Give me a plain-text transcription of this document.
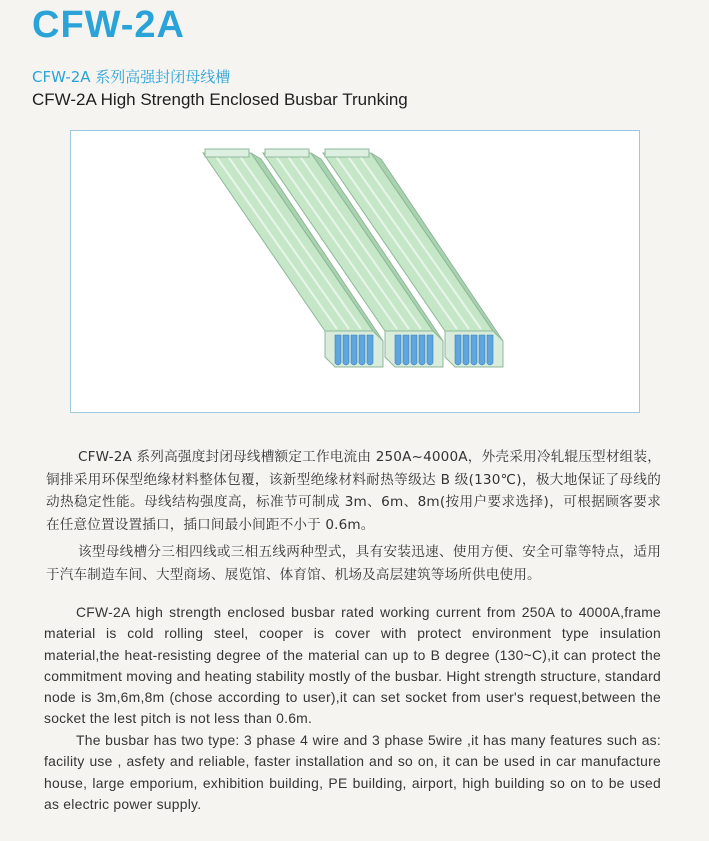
CFW-2A
CFW-2A 系列高强封闭母线槽
CFW-2A High Strength Enclosed Busbar Trunking

CFW-2A 系列高强度封闭母线槽额定工作电流由 250A~4000A，外壳采用冷轧辊压型材组装，铜排采用环保型绝缘材料整体包覆，该新型绝缘材料耐热等级达 B 级(130℃)，极大地保证了母线的动热稳定性能。母线结构强度高，标准节可制成 3m、6m、8m(按用户要求选择)，可根据顾客要求在任意位置设置插口，插口间最小间距不小于 0.6m。

该型母线槽分三相四线或三相五线两种型式，具有安装迅速、使用方便、安全可靠等特点，适用于汽车制造车间、大型商场、展览馆、体育馆、机场及高层建筑等场所供电使用。

CFW-2A high strength enclosed busbar rated working current from 250A to 4000A,frame material is cold rolling steel, cooper is cover with protect environment type insulation material,the heat-resisting degree of the material can up to B degree (130~C),it can protect the commitment moving and heating stability mostly of the busbar. Hight strength structure, standard node is 3m,6m,8m (chose according to user),it can set socket from user's request,between the socket the lest pitch is not less than 0.6m.

The busbar has two type: 3 phase 4 wire and 3 phase 5wire ,it has many features such as: facility use , asfety and reliable, faster installation and so on, it can be used in car manufacture house, large emporium, exhibition building, PE building, airport, high building so on to be used as electric power supply.
